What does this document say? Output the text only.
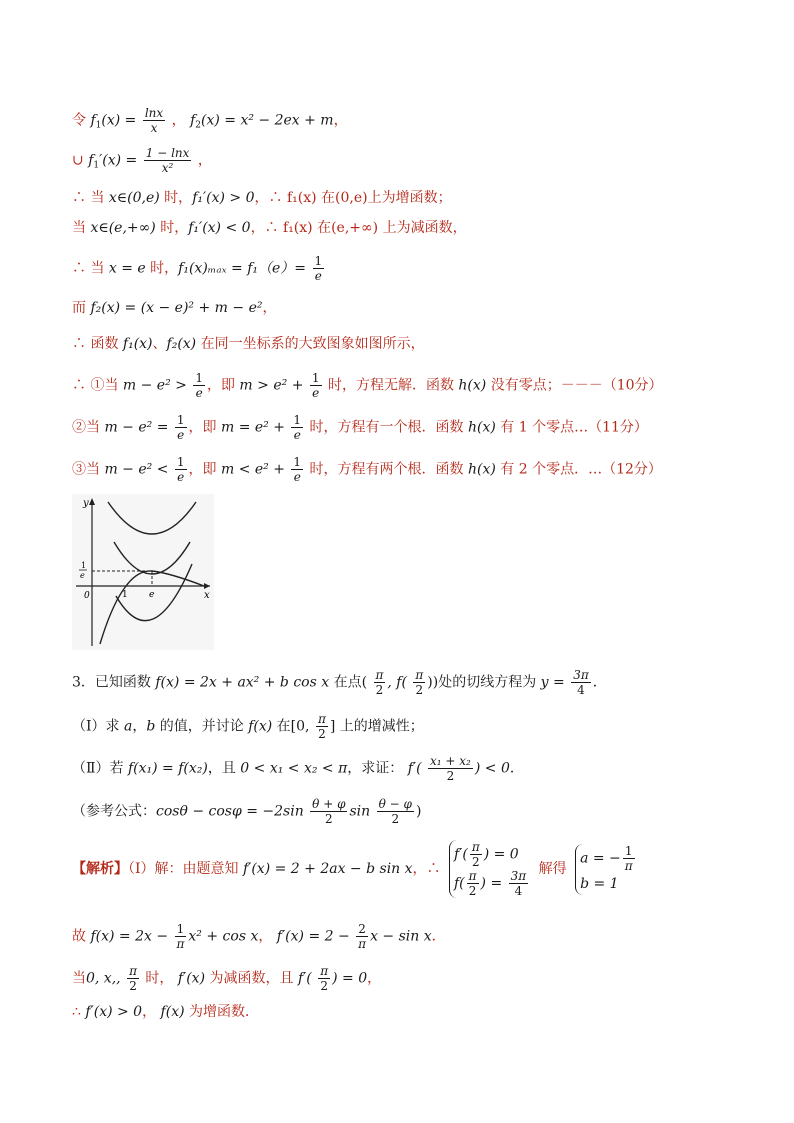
令 $f_1(x) = \frac{\ln x}{x}$ ， $f_2(x) = x^2 - 2ex + m$，
∪ $f_1'(x) = \frac{1 - \ln x}{\text{x²}}$ ，
∴ 当 x∈(0,e) 时，f₁′(x) > 0，∴ f₁(x) 在(0,e)上为增函数；
当 x∈(e,+∞) 时，f₁′(x) < 0，∴ f₁(x) 在(e,+∞) 上为减函数，
∴ 当 x = e 时，$f_1(x)_{max} = f_1(e)= \frac{1}{e}$
而 f₂(x) = (x − e)² + m − e²，
∴ 函数 f₁(x)、f₂(x) 在同一坐标系的大致图象如图所示，
∴ ①当 $m - e^2 > \frac{1}{e}$ ，即 $m > e^2 + \frac{1}{e}$ 时，方程无解．函数 h(x) 没有零点；－－－（10分）
②当 $m - e^2 = \frac{1}{e}$ ，即 $m = e^2 + \frac{1}{e}$ 时，方程有一个根．函数 h(x) 有 1 个零点…（11分）
③当 $m - e^2 < \frac{1}{e}$ ，即 $m < e^2 + \frac{1}{e}$ 时，方程有两个根．函数 h(x) 有 2 个零点．…（12分）
y
x
0	1 e
1
e
3．已知函数 f(x) = 2x + ax² + b cos x 在点( $\frac{\pi}{2}$ , $f( \frac{\pi}{2}$ ))处的切线方程为 $y = \frac{3\pi}{4}$ ．
（Ⅰ）求 a，b 的值，并讨论 f(x) 在[0, $\frac{\pi}{2}$ ] 上的增减性；
（Ⅱ）若 f(x₁) = f(x₂)，且 0 < x₁ < x₂ < π，求证： $f'( \frac{\text{x₁ + x₂}}{2}$ ) < 0．
（参考公式：$\cos\theta - \cos\varphi = -2\sin \frac{\theta + \varphi}{2}$ $\sin \frac{\theta - \varphi}{2}$ )
【解析】（Ⅰ）解：由题意知 f′(x) = 2 + 2ax − b sin x，∴
$f'( \frac{\pi}{2}$ ) = 0
$f( \frac{\pi}{2}$ ) = $\frac{3\pi}{4}$ 解得
a = − $\frac{1}{\pi}$
b = 1
故 $f(x) = 2x - \frac{1}{\pi} x^2 + \cos x$， $f'(x) = 2 - \frac{2}{\pi}$ x − sin x．
当0, x,, $\frac{\pi}{2}$ 时， f′(x) 为减函数，且 $f'( \frac{\pi}{2}$ ) = 0，
∴ f′(x) > 0， f(x) 为增函数．
